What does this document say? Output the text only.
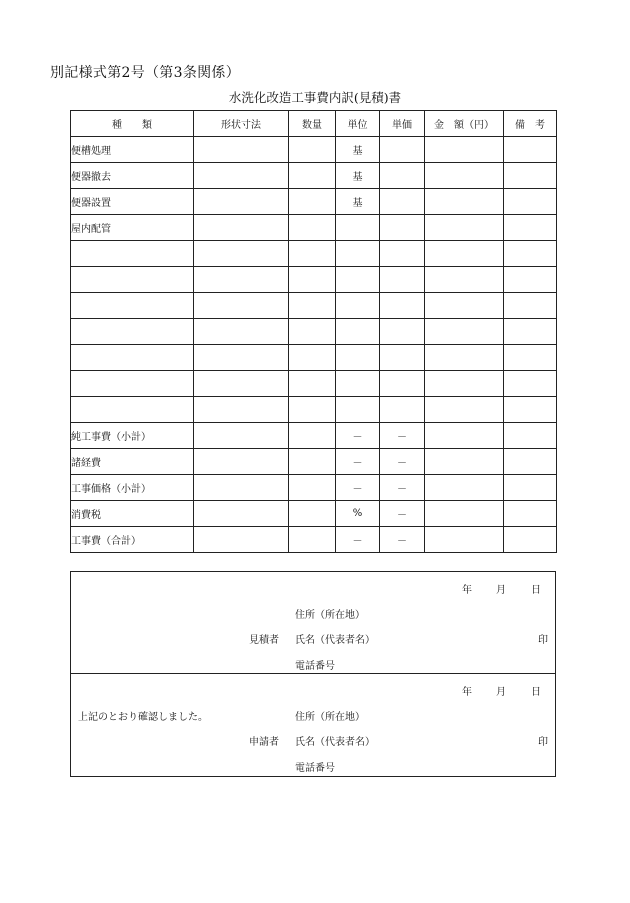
別記様式第2号（第3条関係）
水洗化改造工事費内訳(見積)書
種　　類	形状寸法	数量	単位	単価	金　額（円）	備　考
便槽処理			基			
便器撤去			基			
便器設置			基			
屋内配管						

純工事費（小計）			－	－		
諸経費			－	－		
工事価格（小計）			－	－		
消費税			%	－		
工事費（合計）			－	－		
年 月	日
住所（所在地）
見積者 氏名（代表者名）	印
電話番号
年 月	日
上記のとおり確認しました。	住所（所在地）
申請者 氏名（代表者名）	印
電話番号
